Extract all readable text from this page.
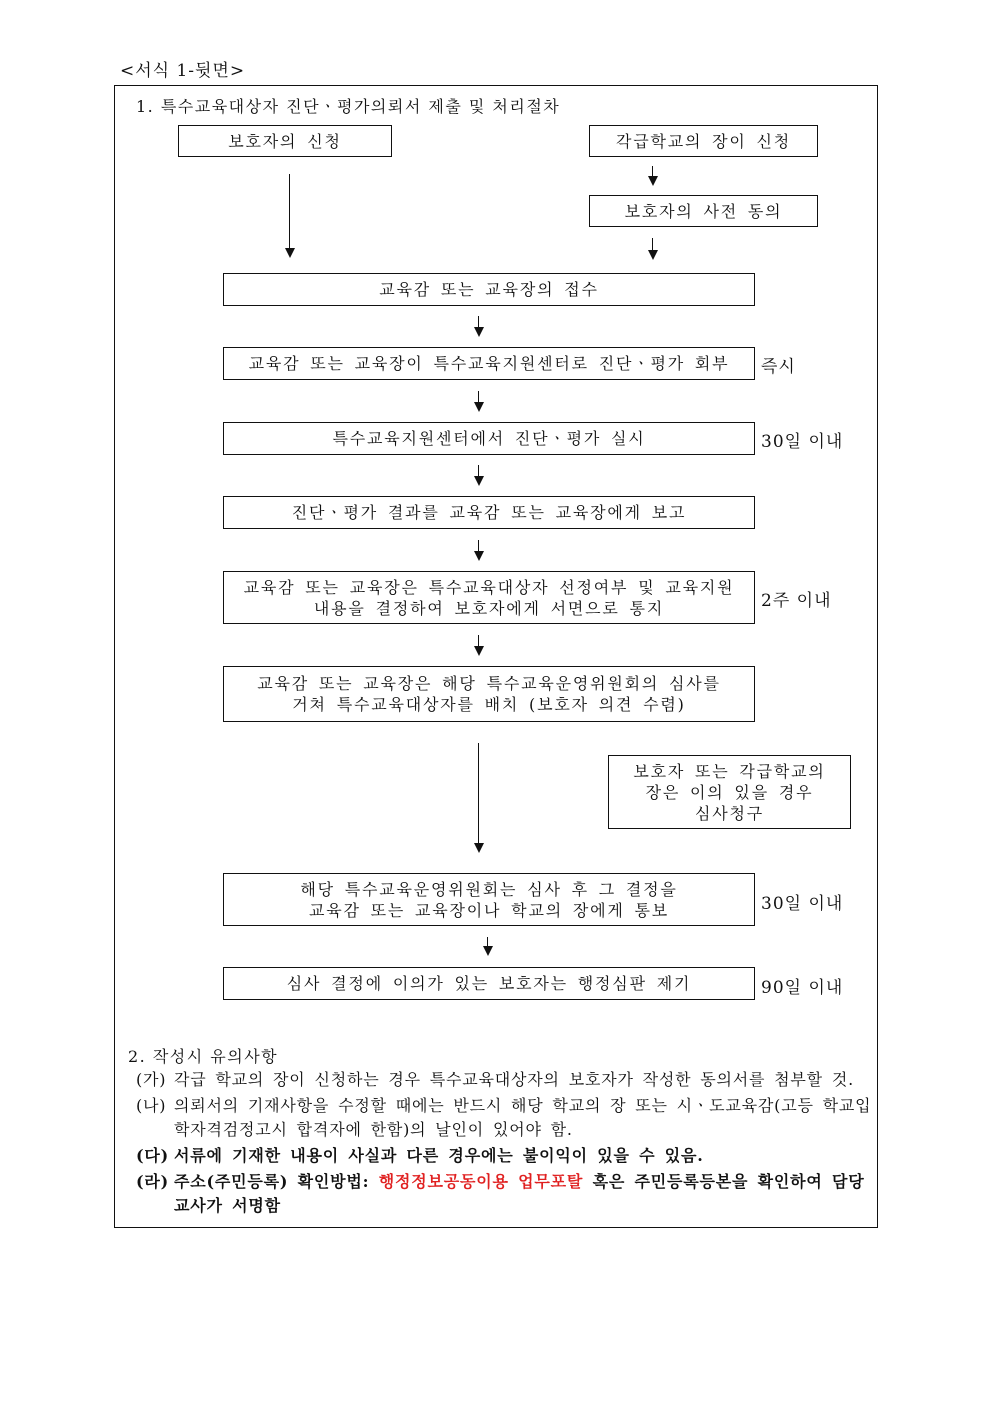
<서식 1-뒷면>
1. 특수교육대상자 진단ㆍ평가의뢰서 제출 및 처리절차
보호자의 신청	각급학교의 장이 신청
보호자의 사전 동의
교육감 또는 교육장의 접수
교육감 또는 교육장이 특수교육지원센터로 진단ㆍ평가 회부 즉시
특수교육지원센터에서 진단ㆍ평가 실시	30일 이내
진단ㆍ평가 결과를 교육감 또는 교육장에게 보고
교육감 또는 교육장은 특수교육대상자 선정여부 및 교육지원
내용을 결정하여 보호자에게 서면으로 통지	2주 이내
교육감 또는 교육장은 해당 특수교육운영위원회의 심사를
거쳐 특수교육대상자를 배치 (보호자 의견 수렴)
보호자 또는 각급학교의
장은 이의 있을 경우
심사청구
해당 특수교육운영위원회는 심사 후 그 결정을
교육감 또는 교육장이나 학교의 장에게 통보	30일 이내
심사 결정에 이의가 있는 보호자는 행정심판 제기	90일 이내
2. 작성시 유의사항
(가) 각급 학교의 장이 신청하는 경우 특수교육대상자의 보호자가 작성한 동의서를 첨부할 것.
(나) 의뢰서의 기재사항을 수정할 때에는 반드시 해당 학교의 장 또는 시ㆍ도교육감(고등 학교입학자격검정고시 합격자에 한함)의 날인이 있어야 함.
(다) 서류에 기재한 내용이 사실과 다른 경우에는 불이익이 있을 수 있음.
(라) 주소(주민등록) 확인방법: 행정정보공동이용 업무포탈 혹은 주민등록등본을 확인하여 담당 교사가 서명함
